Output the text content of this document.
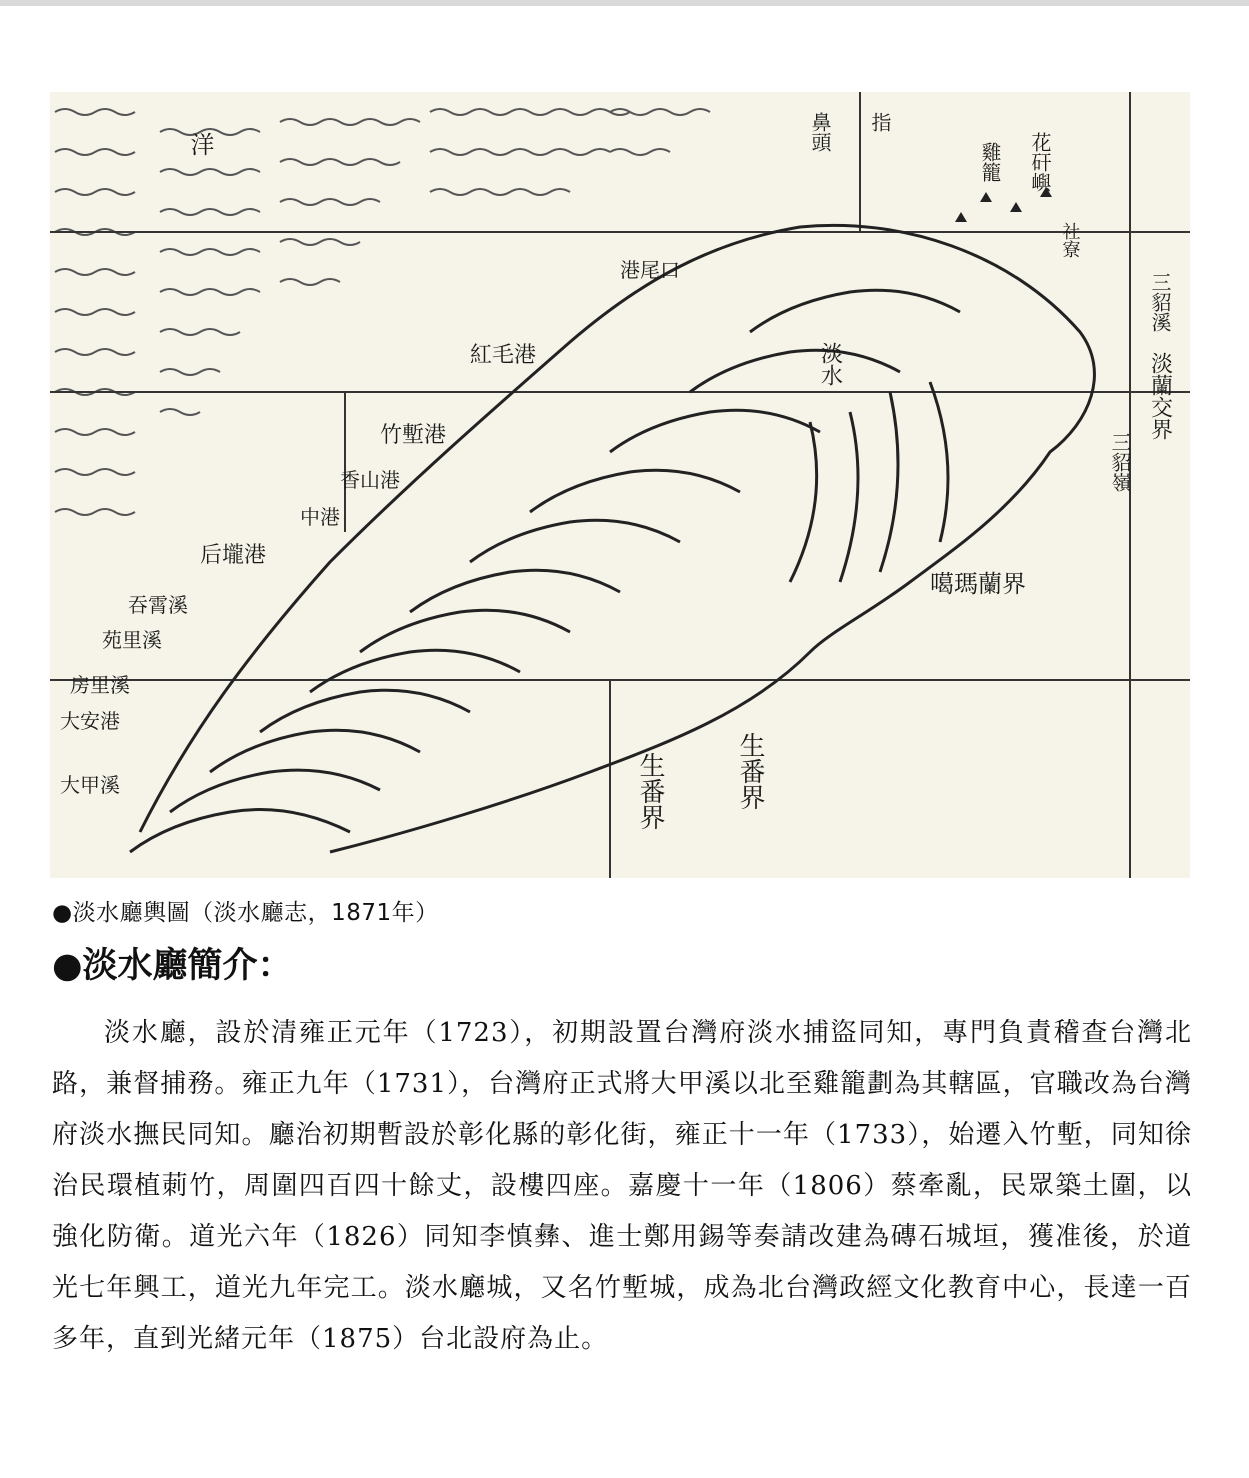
洋	鼻頭 指
雞籠 花矸嶼
社寮
三貂溪
淡蘭交界
三貂嶺
噶瑪蘭界
港尾口
淡水
紅毛港
竹塹港
香山港
中港
后壠港
吞霄溪
苑里溪
房里溪
大安港
大甲溪	生番界	生番界
●淡水廳輿圖（淡水廳志，1871年）
●淡水廳簡介：

淡水廳，設於清雍正元年（1723），初期設置台灣府淡水捕盜同知，專門負責稽查台灣北路，兼督捕務。雍正九年（1731），台灣府正式將大甲溪以北至雞籠劃為其轄區，官職改為台灣府淡水撫民同知。廳治初期暫設於彰化縣的彰化街，雍正十一年（1733），始遷入竹塹，同知徐治民環植莿竹，周圍四百四十餘丈，設樓四座。嘉慶十一年（1806）蔡牽亂，民眾築土圍，以強化防衛。道光六年（1826）同知李慎彝、進士鄭用錫等奏請改建為磚石城垣，獲准後，於道光七年興工，道光九年完工。淡水廳城，又名竹塹城，成為北台灣政經文化教育中心，長達一百多年，直到光緒元年（1875）台北設府為止。
